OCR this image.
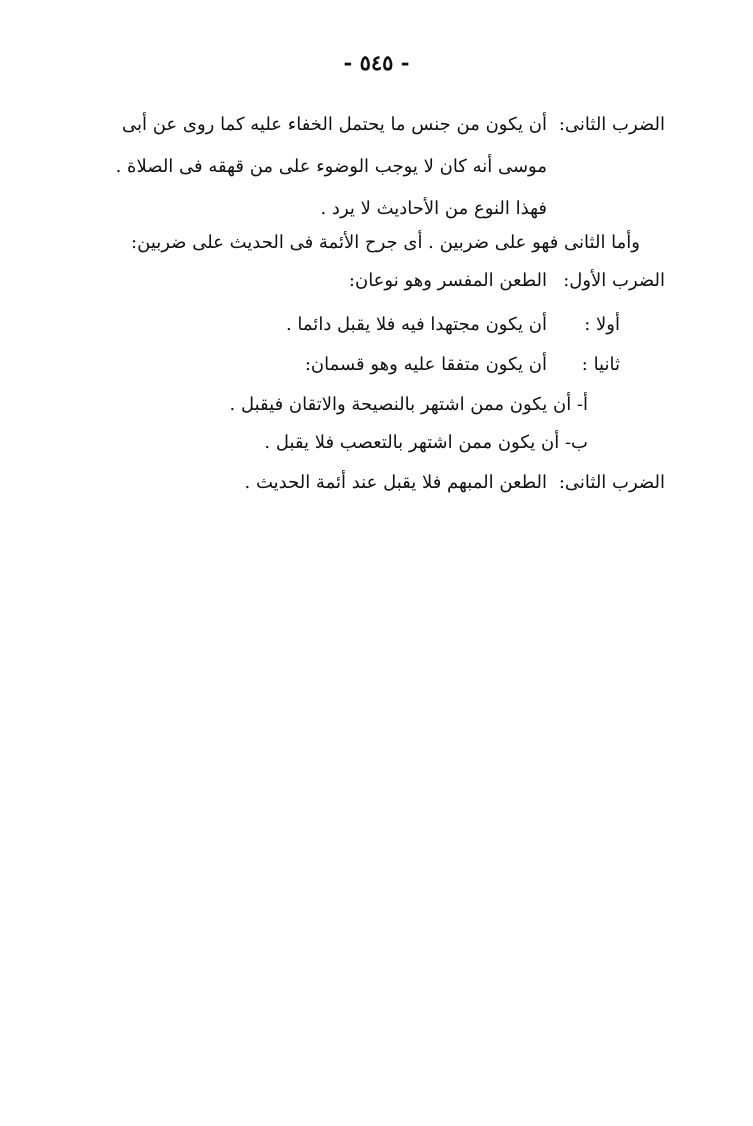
- ٥٤٥ -
الضرب الثانى:
أن يكون من جنس ما يحتمل الخفاء عليه كما روى عن أبى
موسى أنه كان لا يوجب الوضوء على من قهقه فى الصلاة .
فهذا النوع من الأحاديث لا يرد .
وأما الثانى فهو على ضربين . أى جرح الأئمة فى الحديث على ضربين:
الضرب الأول:
الطعن المفسر وهو نوعان:
أولا :
أن يكون مجتهدا فيه فلا يقبل دائما .
ثانيا :
أن يكون متفقا عليه وهو قسمان:
أ- أن يكون ممن اشتهر بالنصيحة والاتقان فيقبل .
ب- أن يكون ممن اشتهر بالتعصب فلا يقبل .
الضرب الثانى:
الطعن المبهم فلا يقبل عند أئمة الحديث .
